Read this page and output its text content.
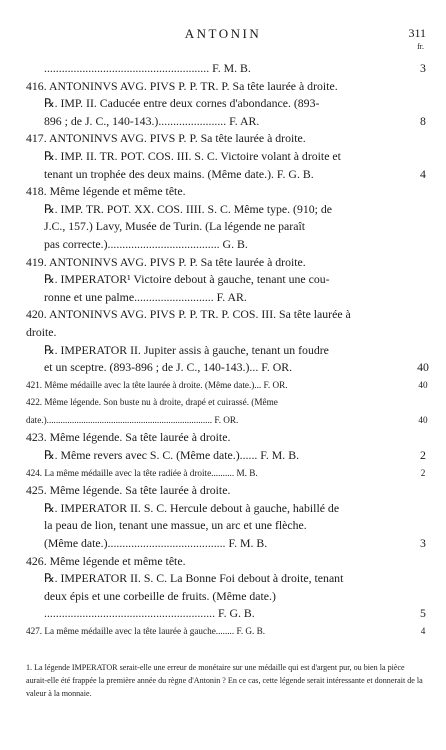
ANTONIN	311
fr.
........................................................ F. M. B.	3
416. ANTONINVS AVG. PIVS P. P. TR. P. Sa tête laurée à droite.
℞. IMP. II. Caducée entre deux cornes d'abondance. (893-
896 ; de J. C., 140-143.)....................... F. AR.	8
417. ANTONINVS AVG. PIVS P. P. Sa tête laurée à droite.
℞. IMP. II. TR. POT. COS. III. S. C. Victoire volant à droite et
tenant un trophée des deux mains. (Même date.). F. G. B.	4
418. Même légende et même tête.
℞. IMP. TR. POT. XX. COS. IIII. S. C. Même type. (910; de
J.C., 157.) Lavy, Musée de Turin. (La légende ne paraît
pas correcte.)...................................... G. B.
419. ANTONINVS AVG. PIVS P. P. Sa tête laurée à droite.
℞. IMPERATOR¹ Victoire debout à gauche, tenant une cou-
ronne et une palme........................... F. AR.
420. ANTONINVS AVG. PIVS P. P. TR. P. COS. III. Sa tête laurée à
droite.
℞. IMPERATOR II. Jupiter assis à gauche, tenant un foudre
et un sceptre. (893-896 ; de J. C., 140-143.)... F. OR.	40
421. Même médaille avec la tête laurée à droite. (Même date.)... F. OR.	40
422. Même légende. Son buste nu à droite, drapé et cuirassé. (Même
date.)........................................................................ F. OR.	40
423. Même légende. Sa tête laurée à droite.
℞. Même revers avec S. C. (Même date.)...... F. M. B.	2
424. La même médaille avec la tête radiée à droite.......... M. B.	2
425. Même légende. Sa tête laurée à droite.
℞. IMPERATOR II. S. C. Hercule debout à gauche, habillé de
la peau de lion, tenant une massue, un arc et une flèche.
(Même date.)........................................ F. M. B.	3
426. Même légende et même tête.
℞. IMPERATOR II. S. C. La Bonne Foi debout à droite, tenant
deux épis et une corbeille de fruits. (Même date.)
.......................................................... F. G. B.	5
427. La même médaille avec la tête laurée à gauche........ F. G. B.	4
1. La légende IMPERATOR serait-elle une erreur de monétaire sur une médaille qui est d'argent pur, ou bien la pièce aurait-elle été frappée la première année du règne d'Antonin ? En ce cas, cette légende serait intéressante et donnerait de la valeur à la monnaie.
